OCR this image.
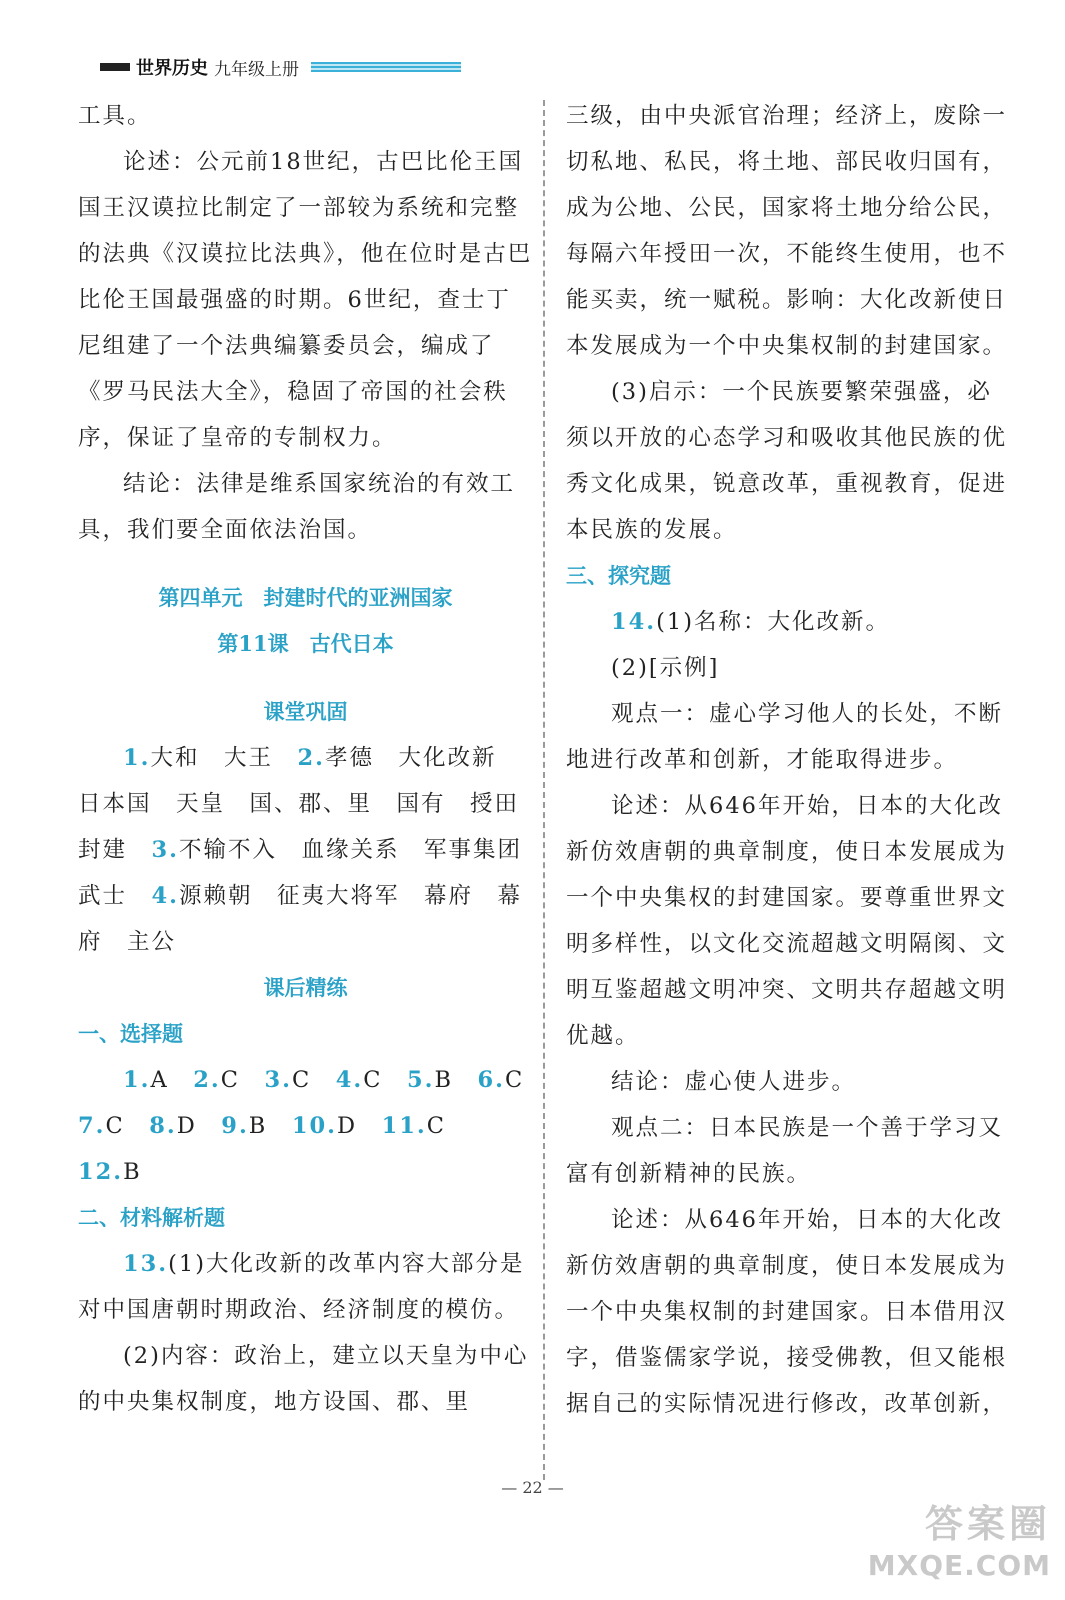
世界历史 九年级上册

工具。

论述：公元前18世纪，古巴比伦王国国王汉谟拉比制定了一部较为系统和完整的法典《汉谟拉比法典》，他在位时是古巴比伦王国最强盛的时期。6世纪，查士丁尼组建了一个法典编纂委员会，编成了《罗马民法大全》，稳固了帝国的社会秩序，保证了皇帝的专制权力。

结论：法律是维系国家统治的有效工具，我们要全面依法治国。

第四单元　封建时代的亚洲国家
第11课　古代日本
课堂巩固

1.大和　大王　 2.孝德　大化改新　日本国　天皇　国、郡、里　国有　授田　封建　 3.不输不入　血缘关系　军事集团　武士　 4.源赖朝　征夷大将军　幕府　幕府　主公

课后精练
一、选择题

1.A　 2.C　 3.C　 4.C　 5.B　 6.C
7.C　 8.D　 9.B　 10.D　 11.C　12.B

二、材料解析题

13.(1)大化改新的改革内容大部分是对中国唐朝时期政治、经济制度的模仿。

(2)内容：政治上，建立以天皇为中心的中央集权制度，地方设国、郡、里

三级，由中央派官治理；经济上，废除一切私地、私民，将土地、部民收归国有，成为公地、公民，国家将土地分给公民，每隔六年授田一次，不能终生使用，也不能买卖，统一赋税。影响：大化改新使日本发展成为一个中央集权制的封建国家。

(3)启示：一个民族要繁荣强盛，必须以开放的心态学习和吸收其他民族的优秀文化成果，锐意改革，重视教育，促进本民族的发展。

三、探究题

14.(1)名称：大化改新。

(2)[示例]

观点一：虚心学习他人的长处，不断地进行改革和创新，才能取得进步。

论述：从646年开始，日本的大化改新仿效唐朝的典章制度，使日本发展成为一个中央集权的封建国家。要尊重世界文明多样性，以文化交流超越文明隔阂、文明互鉴超越文明冲突、文明共存超越文明优越。

结论：虚心使人进步。

观点二：日本民族是一个善于学习又富有创新精神的民族。

论述：从646年开始，日本的大化改新仿效唐朝的典章制度，使日本发展成为一个中央集权制的封建国家。日本借用汉字，借鉴儒家学说，接受佛教，但又能根据自己的实际情况进行修改，改革创新，

— 22 —
答案圈
MXQE.COM
